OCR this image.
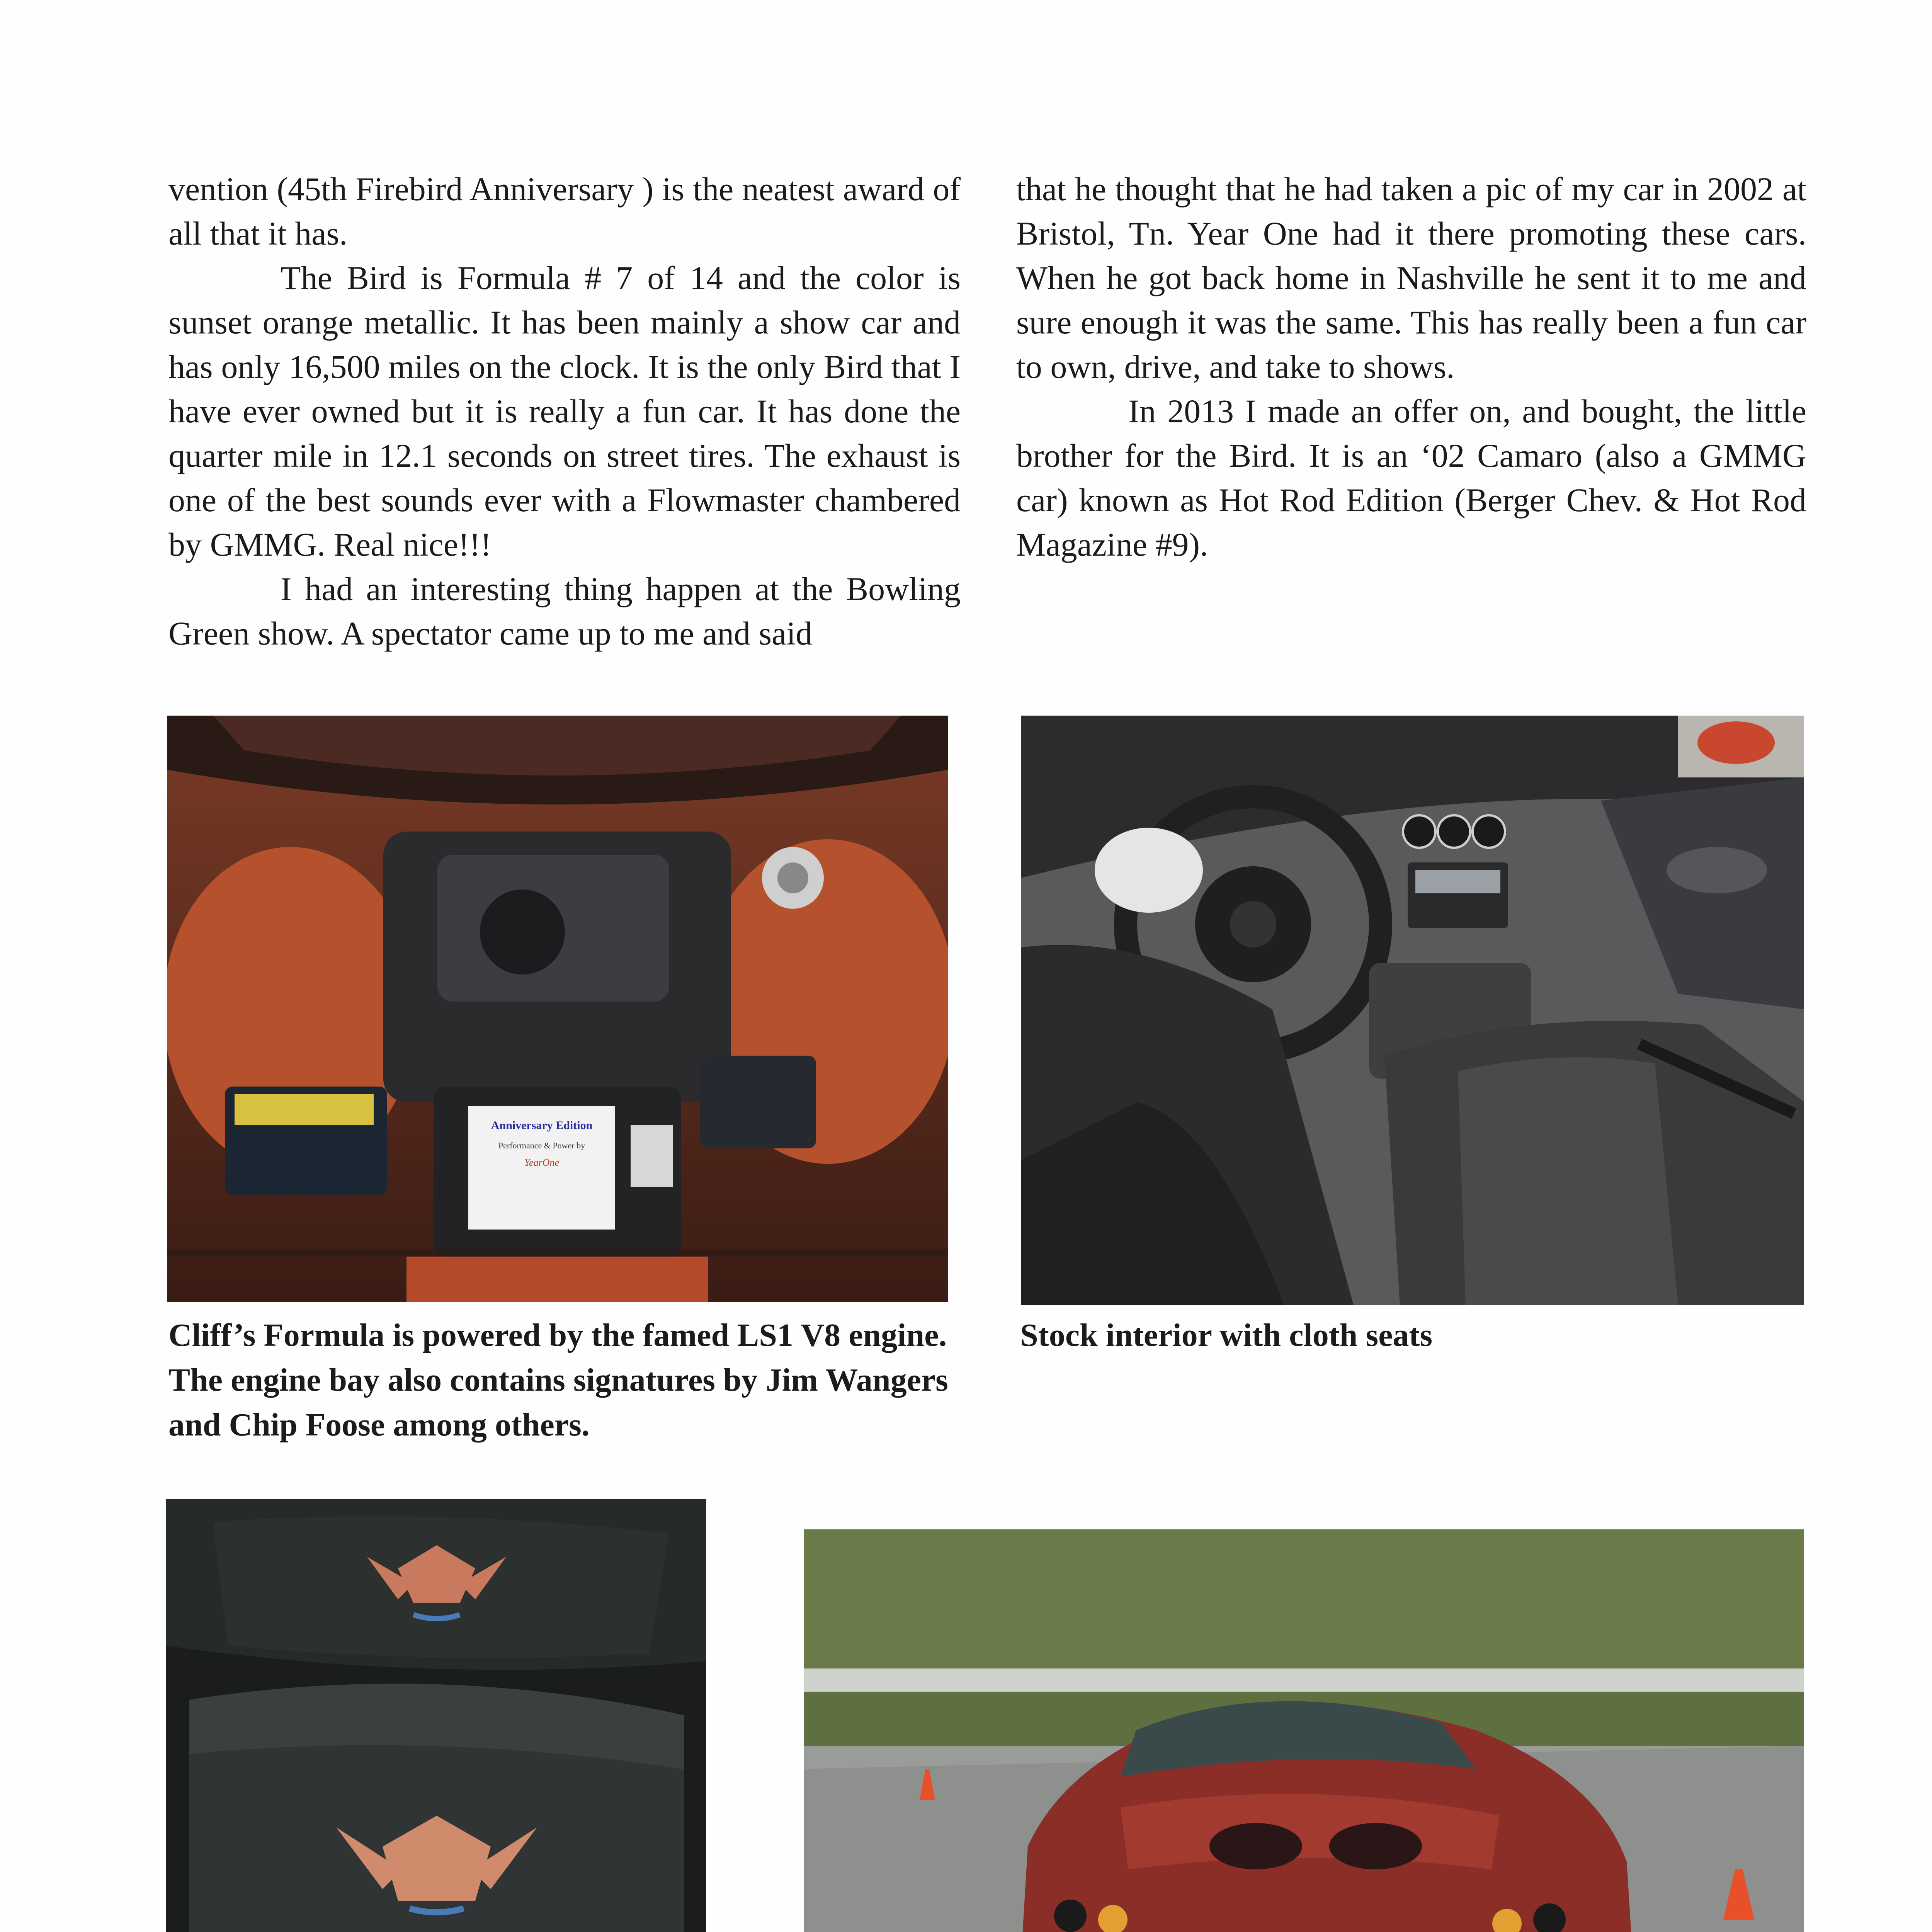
vention (45th Firebird Anniversary ) is the neatest award of all that it has.

The Bird is Formula # 7 of 14 and the color is sunset orange metallic. It has been mainly a show car and has only 16,500 miles on the clock. It is the only Bird that I have ever owned but it is really a fun car. It has done the quarter mile in 12.1 seconds on street tires. The exhaust is one of the best sounds ever with a Flowmaster chambered by GMMG. Real nice!!!

I had an interesting thing happen at the Bowling Green show. A spectator came up to me and said

that he thought that he had taken a pic of my car in 2002 at Bristol, Tn. Year One had it there promoting these cars. When he got back home in Nashville he sent it to me and sure enough it was the same. This has really been a fun car to own, drive, and take to shows.

In 2013 I made an offer on, and bought, the little brother for the Bird. It is an ‘02 Camaro (also a GMMG car) known as Hot Rod Edition (Berger Chev. & Hot Rod Magazine #9).

Anniversary Edition
Performance & Power by
YearOne
Cliff’s Formula is powered by the famed LS1 V8 engine. The engine bay also contains signatures by Jim Wangers and Chip Foose among others.
Stock interior with cloth seats
